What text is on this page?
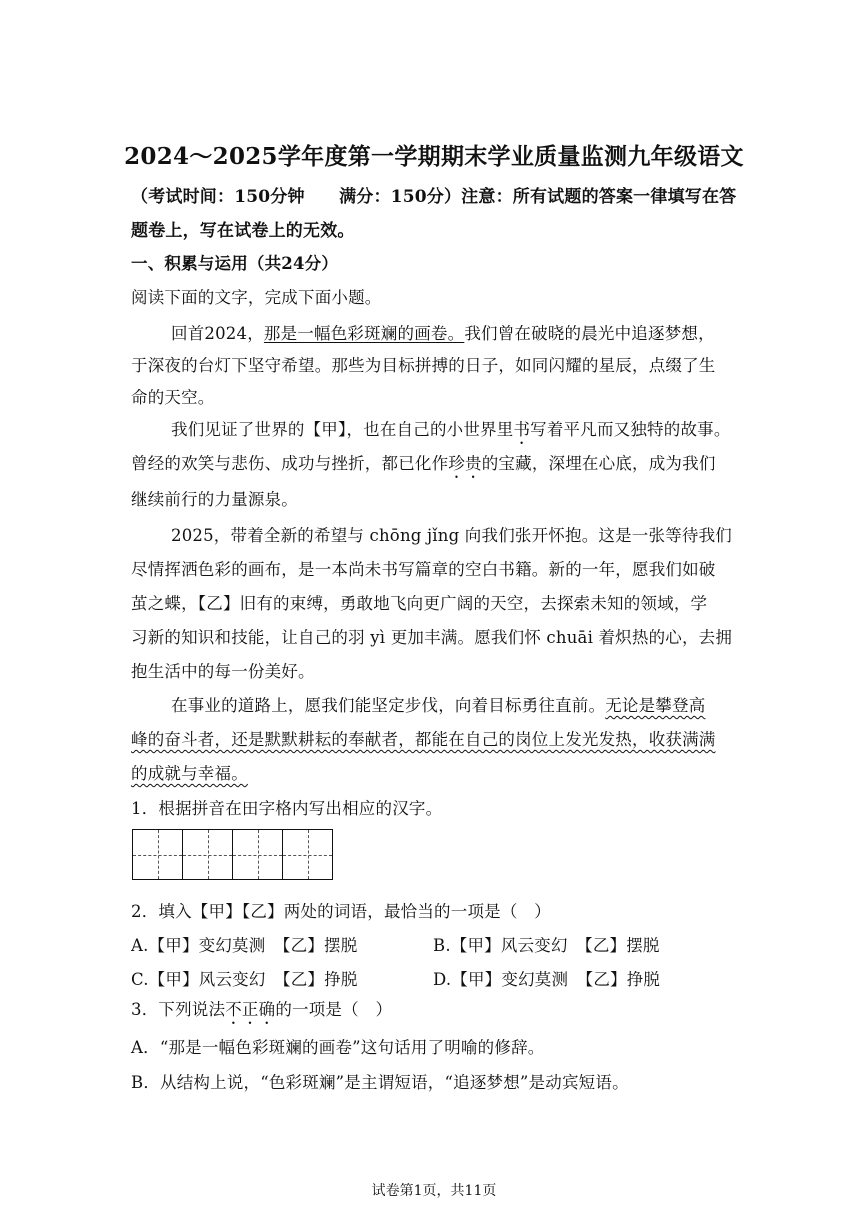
2024～2025学年度第一学期期末学业质量监测九年级语文
（考试时间：150分钟　　满分：150分）注意：所有试题的答案一律填写在答
题卷上，写在试卷上的无效。
一、积累与运用（共24分）
阅读下面的文字，完成下面小题。
回首2024，那是一幅色彩斑斓的画卷。我们曾在破晓的晨光中追逐梦想，
于深夜的台灯下坚守希望。那些为目标拼搏的日子，如同闪耀的星辰，点缀了生
命的天空。
我们见证了世界的【甲】，也在自己的小世界里书写着平凡而又独特的故事。
曾经的欢笑与悲伤、成功与挫折，都已化作珍贵的宝藏，深埋在心底，成为我们
继续前行的力量源泉。
2025，带着全新的希望与 chōng jǐng 向我们张开怀抱。这是一张等待我们
尽情挥洒色彩的画布，是一本尚未书写篇章的空白书籍。新的一年，愿我们如破
茧之蝶，【乙】旧有的束缚，勇敢地飞向更广阔的天空，去探索未知的领域，学
习新的知识和技能，让自己的羽 yì 更加丰满。愿我们怀 chuāi 着炽热的心，去拥
抱生活中的每一份美好。
在事业的道路上，愿我们能坚定步伐，向着目标勇往直前。无论是攀登高
峰的奋斗者，还是默默耕耘的奉献者，都能在自己的岗位上发光发热，收获满满
的成就与幸福。
1．根据拼音在田字格内写出相应的汉字。
2．填入【甲】【乙】两处的词语，最恰当的一项是（　）
A.【甲】变幻莫测　【乙】摆脱	B.【甲】风云变幻　【乙】摆脱
C.【甲】风云变幻　【乙】挣脱	D.【甲】变幻莫测　【乙】挣脱
3．下列说法不正确的一项是（　）
A．“那是一幅色彩斑斓的画卷”这句话用了明喻的修辞。
B．从结构上说，“色彩斑斓”是主谓短语，“追逐梦想”是动宾短语。
试卷第1页，共11页
